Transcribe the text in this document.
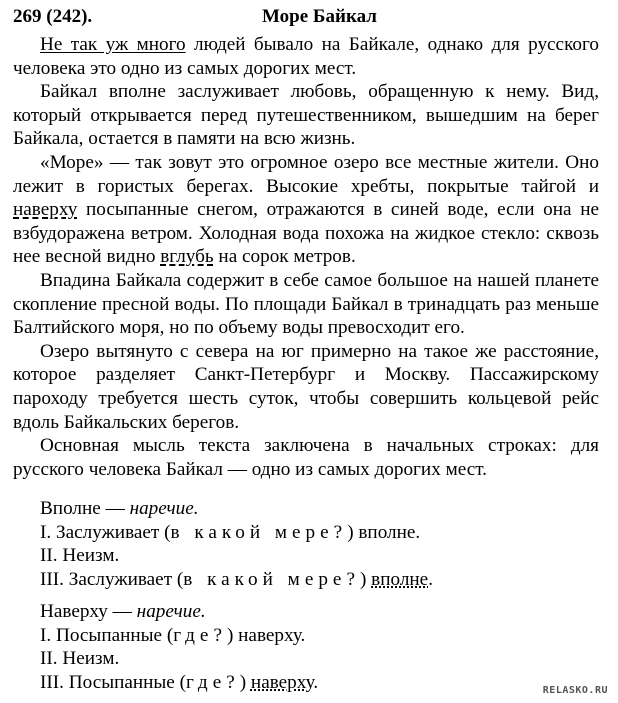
269 (242).	Море Байкал

Не так уж много людей бывало на Байкале, однако для русского человека это одно из самых дорогих мест.

Байкал вполне заслуживает любовь, обращенную к нему. Вид, который открывается перед путешественником, вышедшим на берег Байкала, остается в памяти на всю жизнь.

«Море» — так зовут это огромное озеро все местные жители. Оно лежит в гористых берегах. Высокие хребты, покрытые тайгой и наверху посыпанные снегом, отражаются в синей воде, если она не взбудоражена ветром. Холодная вода похожа на жидкое стекло: сквозь нее весной видно вглубь на сорок метров.

Впадина Байкала содержит в себе самое большое на нашей планете скопление пресной воды. По площади Байкал в тринадцать раз меньше Балтийского моря, но по объему воды превосходит его.

Озеро вытянуто с севера на юг примерно на такое же расстояние, которое разделяет Санкт-Петербург и Москву. Пассажирскому пароходу требуется шесть суток, чтобы совершить кольцевой рейс вдоль Байкальских берегов.

Основная мысль текста заключена в начальных строках: для русского человека Байкал — одно из самых дорогих мест.

Вполне — наречие.
I. Заслуживает (в какой мере?) вполне.
II. Неизм.
III. Заслуживает (в какой мере?) вполне.
Наверху — наречие.
I. Посыпанные (где?) наверху.
II. Неизм.
III. Посыпанные (где?) наверху.	RELASKO.RU
